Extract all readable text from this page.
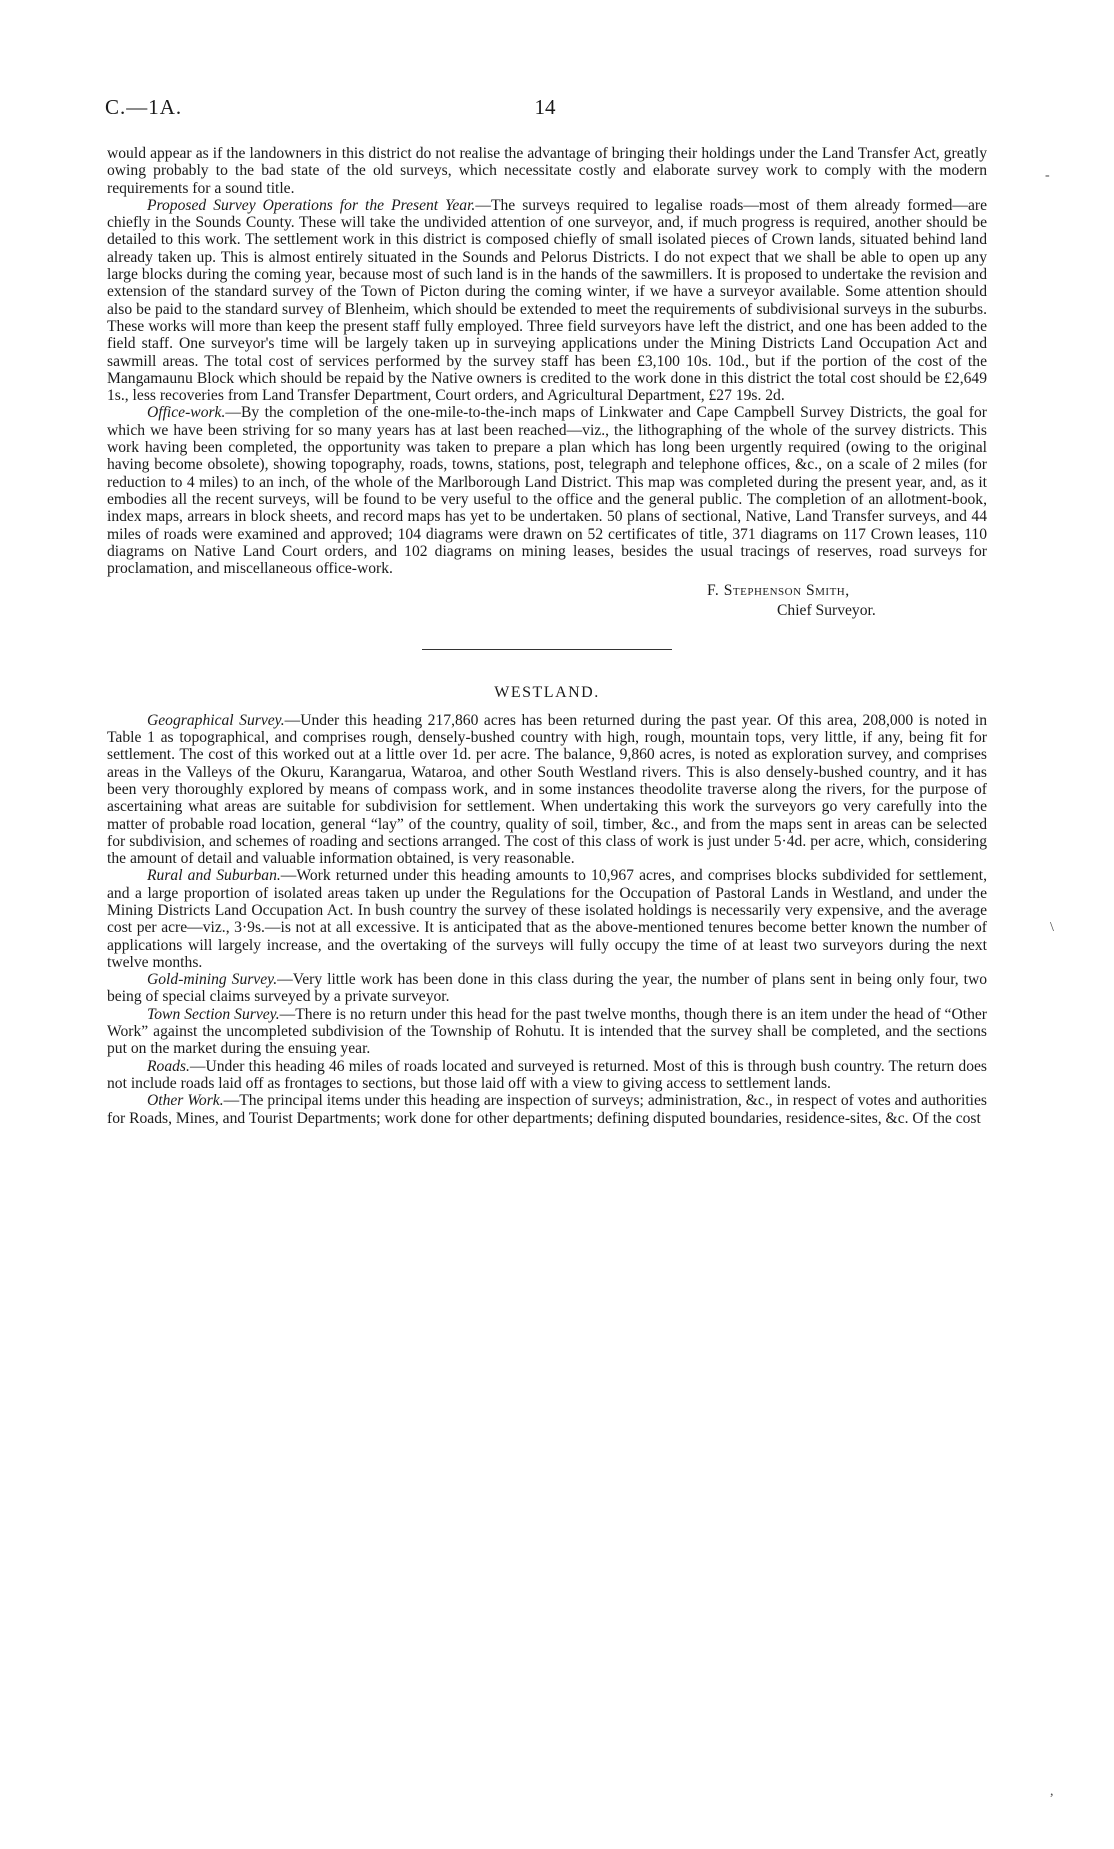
C.—1A.	14
-
\
,

would appear as if the landowners in this district do not realise the advantage of bringing their holdings under the Land Transfer Act, greatly owing probably to the bad state of the old surveys, which necessitate costly and elaborate survey work to comply with the modern requirements for a sound title.

Proposed Survey Operations for the Present Year.—The surveys required to legalise roads—most of them already formed—are chiefly in the Sounds County. These will take the undivided attention of one surveyor, and, if much progress is required, another should be detailed to this work. The settlement work in this district is composed chiefly of small isolated pieces of Crown lands, situated behind land already taken up. This is almost entirely situated in the Sounds and Pelorus Districts. I do not expect that we shall be able to open up any large blocks during the coming year, because most of such land is in the hands of the sawmillers. It is proposed to undertake the revision and extension of the standard survey of the Town of Picton during the coming winter, if we have a surveyor available. Some attention should also be paid to the standard survey of Blenheim, which should be extended to meet the requirements of subdivisional surveys in the suburbs. These works will more than keep the present staff fully employed. Three field surveyors have left the district, and one has been added to the field staff. One surveyor's time will be largely taken up in surveying applications under the Mining Districts Land Occupation Act and sawmill areas. The total cost of services performed by the survey staff has been £3,100 10s. 10d., but if the portion of the cost of the Mangamaunu Block which should be repaid by the Native owners is credited to the work done in this district the total cost should be £2,649 1s., less recoveries from Land Transfer Department, Court orders, and Agricultural Department, £27 19s. 2d.

Office-work.—By the completion of the one-mile-to-the-inch maps of Linkwater and Cape Campbell Survey Districts, the goal for which we have been striving for so many years has at last been reached—viz., the lithographing of the whole of the survey districts. This work having been completed, the opportunity was taken to prepare a plan which has long been urgently required (owing to the original having become obsolete), showing topography, roads, towns, stations, post, telegraph and telephone offices, &c., on a scale of 2 miles (for reduction to 4 miles) to an inch, of the whole of the Marlborough Land District. This map was completed during the present year, and, as it embodies all the recent surveys, will be found to be very useful to the office and the general public. The completion of an allotment-book, index maps, arrears in block sheets, and record maps has yet to be undertaken. 50 plans of sectional, Native, Land Transfer surveys, and 44 miles of roads were examined and approved; 104 diagrams were drawn on 52 certificates of title, 371 diagrams on 117 Crown leases, 110 diagrams on Native Land Court orders, and 102 diagrams on mining leases, besides the usual tracings of reserves, road surveys for proclamation, and miscellaneous office-work.

F. Stephenson Smith,
Chief Surveyor.
WESTLAND.

Geographical Survey.—Under this heading 217,860 acres has been returned during the past year. Of this area, 208,000 is noted in Table 1 as topographical, and comprises rough, densely-bushed country with high, rough, mountain tops, very little, if any, being fit for settlement. The cost of this worked out at a little over 1d. per acre. The balance, 9,860 acres, is noted as exploration survey, and comprises areas in the Valleys of the Okuru, Karangarua, Wataroa, and other South Westland rivers. This is also densely-bushed country, and it has been very thoroughly explored by means of compass work, and in some instances theodolite traverse along the rivers, for the purpose of ascertaining what areas are suitable for subdivision for settlement. When undertaking this work the surveyors go very carefully into the matter of probable road location, general “lay” of the country, quality of soil, timber, &c., and from the maps sent in areas can be selected for subdivision, and schemes of roading and sections arranged. The cost of this class of work is just under 5·4d. per acre, which, considering the amount of detail and valuable information obtained, is very reasonable.

Rural and Suburban.—Work returned under this heading amounts to 10,967 acres, and comprises blocks subdivided for settlement, and a large proportion of isolated areas taken up under the Regulations for the Occupation of Pastoral Lands in Westland, and under the Mining Districts Land Occupation Act. In bush country the survey of these isolated holdings is necessarily very expensive, and the average cost per acre—viz., 3·9s.—is not at all excessive. It is anticipated that as the above-mentioned tenures become better known the number of applications will largely increase, and the overtaking of the surveys will fully occupy the time of at least two surveyors during the next twelve months.

Gold-mining Survey.—Very little work has been done in this class during the year, the number of plans sent in being only four, two being of special claims surveyed by a private surveyor.

Town Section Survey.—There is no return under this head for the past twelve months, though there is an item under the head of “Other Work” against the uncompleted subdivision of the Township of Rohutu. It is intended that the survey shall be completed, and the sections put on the market during the ensuing year.

Roads.—Under this heading 46 miles of roads located and surveyed is returned. Most of this is through bush country. The return does not include roads laid off as frontages to sections, but those laid off with a view to giving access to settlement lands.

Other Work.—The principal items under this heading are inspection of surveys; administration, &c., in respect of votes and authorities for Roads, Mines, and Tourist Departments; work done for other departments; defining disputed boundaries, residence-sites, &c. Of the cost
